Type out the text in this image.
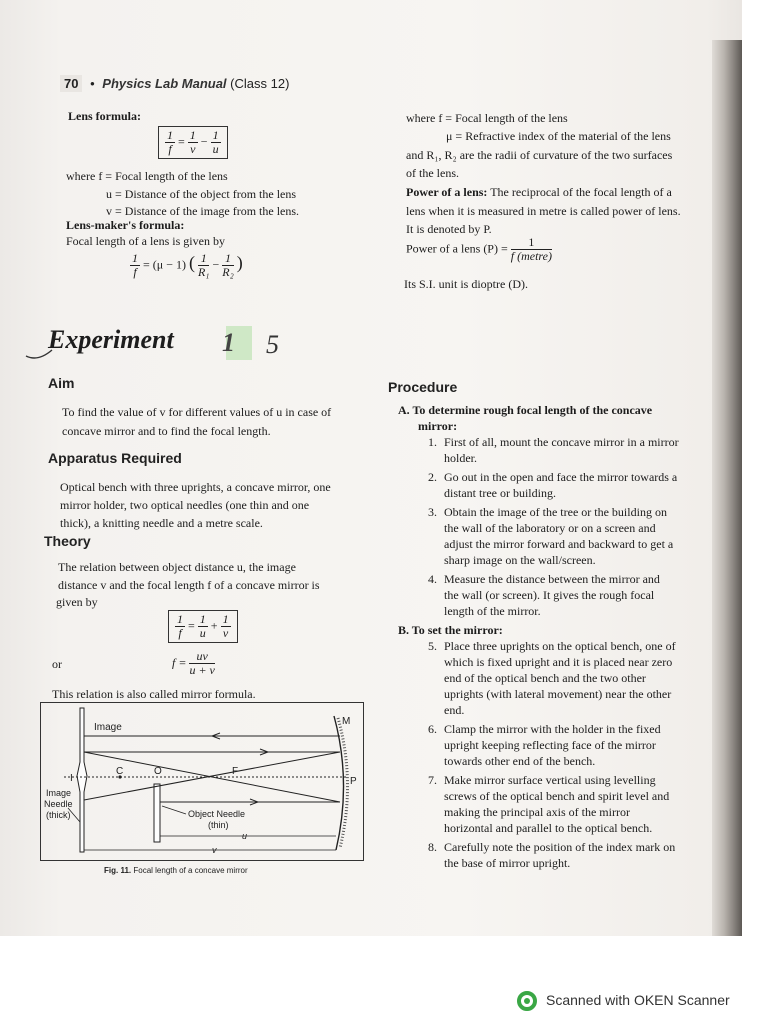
70 • Physics Lab Manual (Class 12)
Lens formula:
$\frac{1}{f} = \frac{1}{v} - \frac{1}{u}$
where f = Focal length of the lens
u = Distance of the object from the lens
v = Distance of the image from the lens.
Lens-maker's formula:
Focal length of a lens is given by
$\frac{1}{f} = (\mu - 1)$ ( $\frac{1}{\text{R₁}} - \frac{1}{\text{R₂}}$ )
where f = Focal length of the lens
μ = Refractive index of the material of the lens
and R₁, R₂ are the radii of curvature of the two surfaces
of the lens.
Power of a lens: The reciprocal of the focal length of a
lens when it is measured in metre is called power of lens.
It is denoted by P.
Power of a lens $(P) = \frac{1}{\text{f (metre)}}$
Its S.I. unit is dioptre (D).
Experiment 1 5
Aim
To find the value of v for different values of u in case of
concave mirror and to find the focal length.
Apparatus Required
Optical bench with three uprights, a concave mirror, one
mirror holder, two optical needles (one thin and one
thick), a knitting needle and a metre scale.
Theory
The relation between object distance u, the image
distance v and the focal length f of a concave mirror is
given by
$\frac{1}{f} = \frac{1}{u} + \frac{1}{v}$
or	$f = \frac{uv}{u + v}$
This relation is also called mirror formula.
Image
M
C	O	F
P
I
Image
Needle
(thick)	Object Needle
(thin)
u
v
Fig. 11. Focal length of a concave mirror
Procedure
A. To determine rough focal length of the concave
mirror:
1. First of all, mount the concave mirror in a mirror
holder.
2. Go out in the open and face the mirror towards a
distant tree or building.
3. Obtain the image of the tree or the building on
the wall of the laboratory or on a screen and
adjust the mirror forward and backward to get a
sharp image on the wall/screen.
4. Measure the distance between the mirror and
the wall (or screen). It gives the rough focal
length of the mirror.
B. To set the mirror:
5. Place three uprights on the optical bench, one of
which is fixed upright and it is placed near zero
end of the optical bench and the two other
uprights (with lateral movement) near the other
end.
6. Clamp the mirror with the holder in the fixed
upright keeping reflecting face of the mirror
towards other end of the bench.
7. Make mirror surface vertical using levelling
screws of the optical bench and spirit level and
making the principal axis of the mirror
horizontal and parallel to the optical bench.
8. Carefully note the position of the index mark on
the base of mirror upright.
Scanned with OKEN Scanner
